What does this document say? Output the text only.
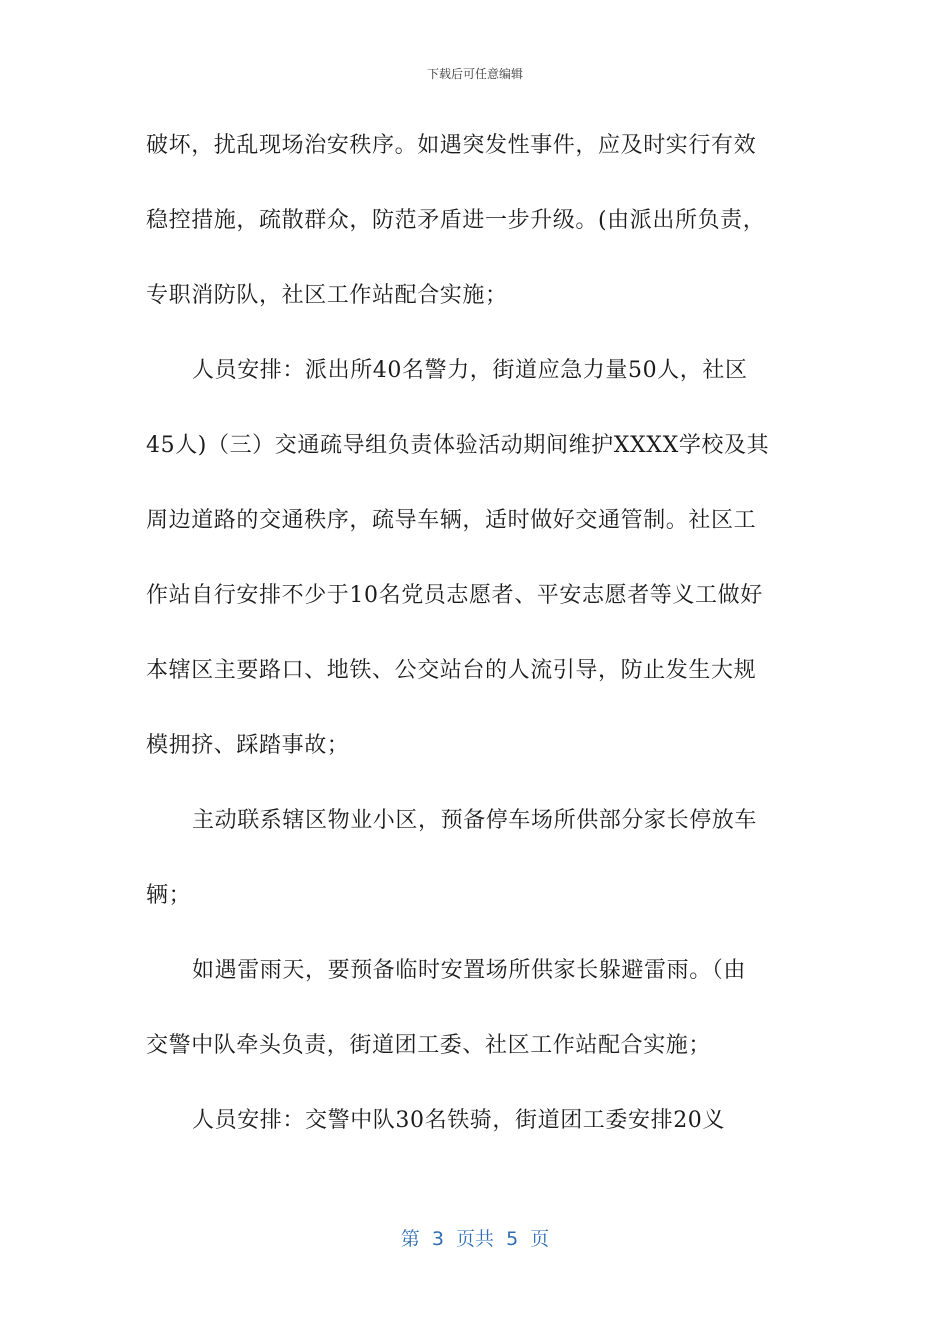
下载后可任意编辑
破坏，扰乱现场治安秩序。如遇突发性事件，应及时实行有效
稳控措施，疏散群众，防范矛盾进一步升级。(由派出所负责，
专职消防队，社区工作站配合实施；
人员安排：派出所40名警力，街道应急力量50人，社区
45人)（三）交通疏导组负责体验活动期间维护XXXX学校及其
周边道路的交通秩序，疏导车辆，适时做好交通管制。社区工
作站自行安排不少于10名党员志愿者、平安志愿者等义工做好
本辖区主要路口、地铁、公交站台的人流引导，防止发生大规
模拥挤、踩踏事故；
主动联系辖区物业小区，预备停车场所供部分家长停放车
辆；
如遇雷雨天，要预备临时安置场所供家长躲避雷雨。（由
交警中队牵头负责，街道团工委、社区工作站配合实施；
人员安排：交警中队30名铁骑，街道团工委安排20义
第  3  页共  5  页
